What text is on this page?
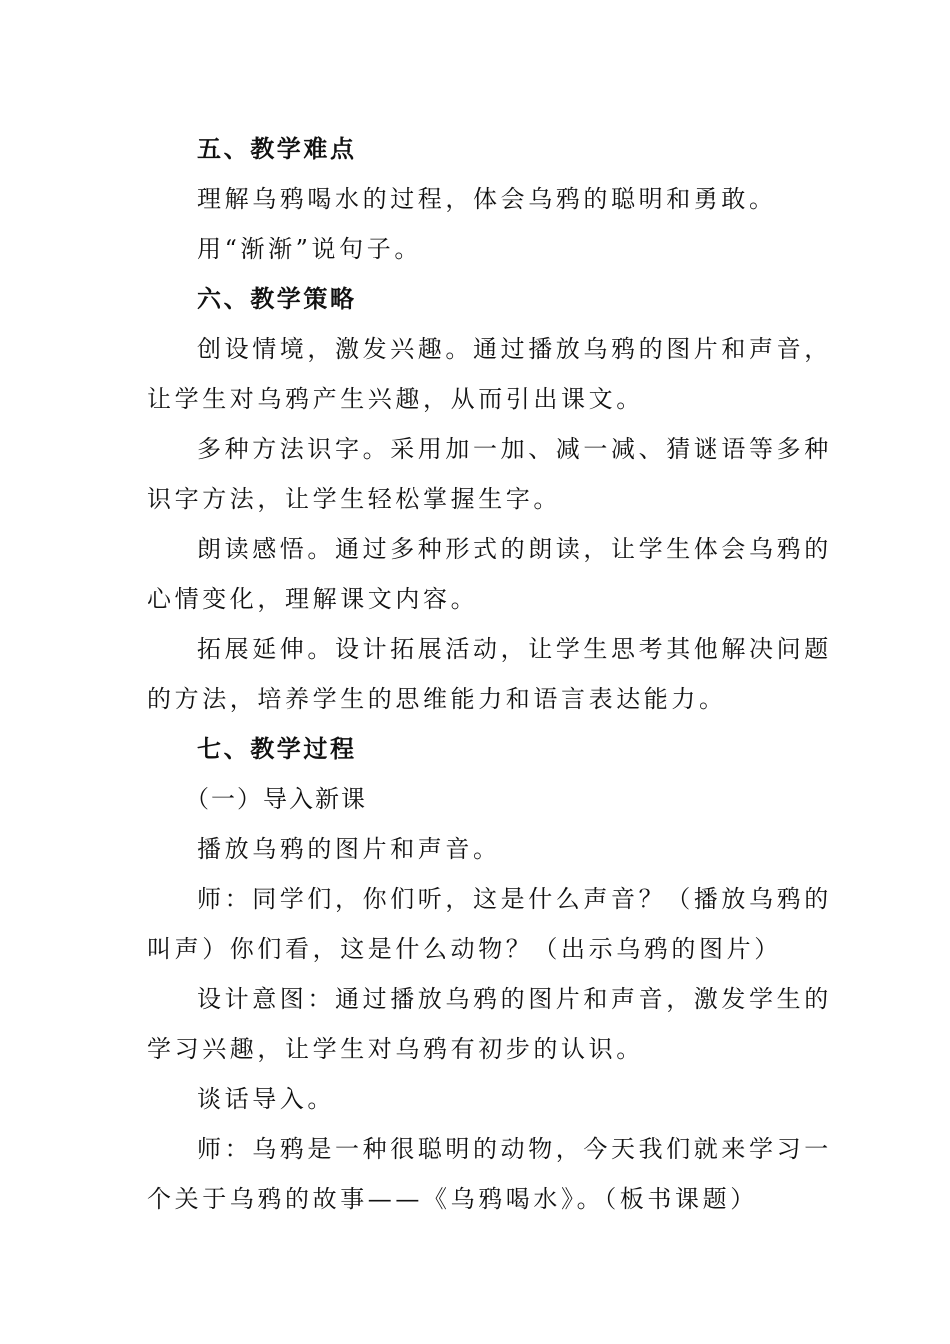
五、教学难点
理解乌鸦喝水的过程，体会乌鸦的聪明和勇敢。
用“渐渐”说句子。
六、教学策略
创设情境，激发兴趣。通过播放乌鸦的图片和声音，
让学生对乌鸦产生兴趣，从而引出课文。
多种方法识字。采用加一加、减一减、猜谜语等多种
识字方法，让学生轻松掌握生字。
朗读感悟。通过多种形式的朗读，让学生体会乌鸦的
心情变化，理解课文内容。
拓展延伸。设计拓展活动，让学生思考其他解决问题
的方法，培养学生的思维能力和语言表达能力。
七、教学过程
（一）导入新课
播放乌鸦的图片和声音。
师：同学们，你们听，这是什么声音？（播放乌鸦的
叫声）你们看，这是什么动物？（出示乌鸦的图片）
设计意图：通过播放乌鸦的图片和声音，激发学生的
学习兴趣，让学生对乌鸦有初步的认识。
谈话导入。
师：乌鸦是一种很聪明的动物，今天我们就来学习一
个关于乌鸦的故事——《乌鸦喝水》。（板书课题）
